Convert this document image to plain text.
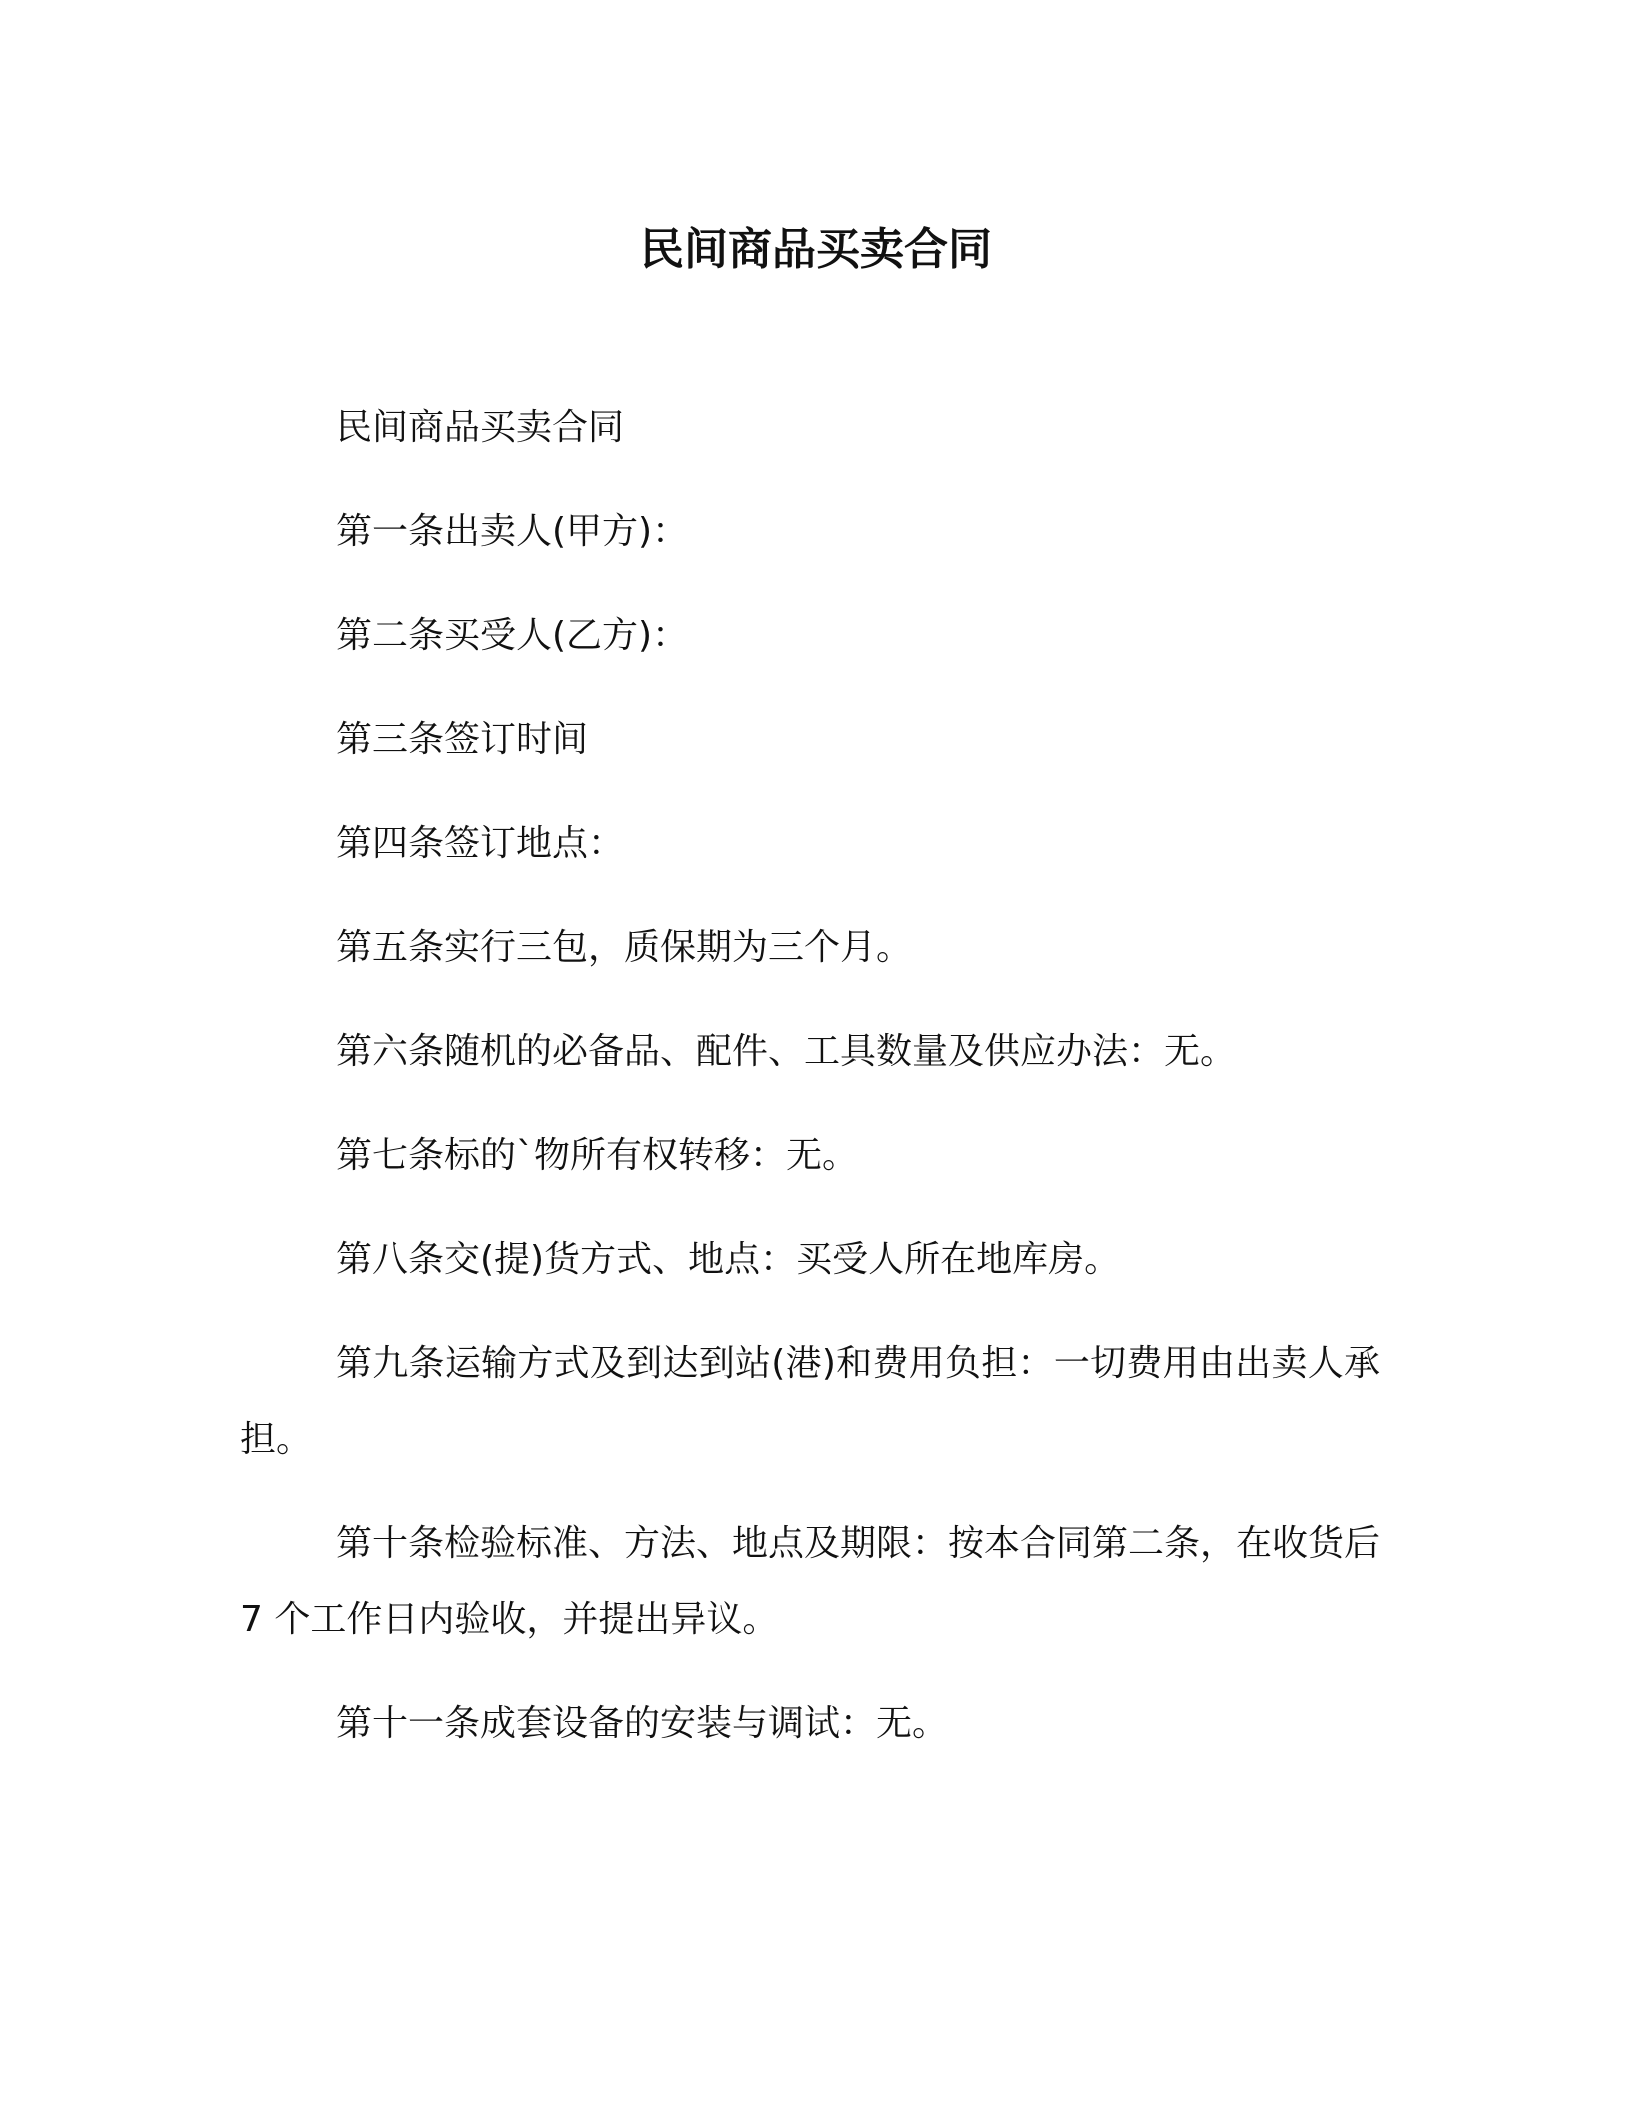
民间商品买卖合同

民间商品买卖合同

第一条出卖人(甲方)：

第二条买受人(乙方)：

第三条签订时间

第四条签订地点：

第五条实行三包，质保期为三个月。

第六条随机的必备品、配件、工具数量及供应办法：无。

第七条标的`物所有权转移：无。

第八条交(提)货方式、地点：买受人所在地库房。

第九条运输方式及到达到站(港)和费用负担：一切费用由出卖人承担。

第十条检验标准、方法、地点及期限：按本合同第二条，在收货后 7 个工作日内验收，并提出异议。

第十一条成套设备的安装与调试：无。
